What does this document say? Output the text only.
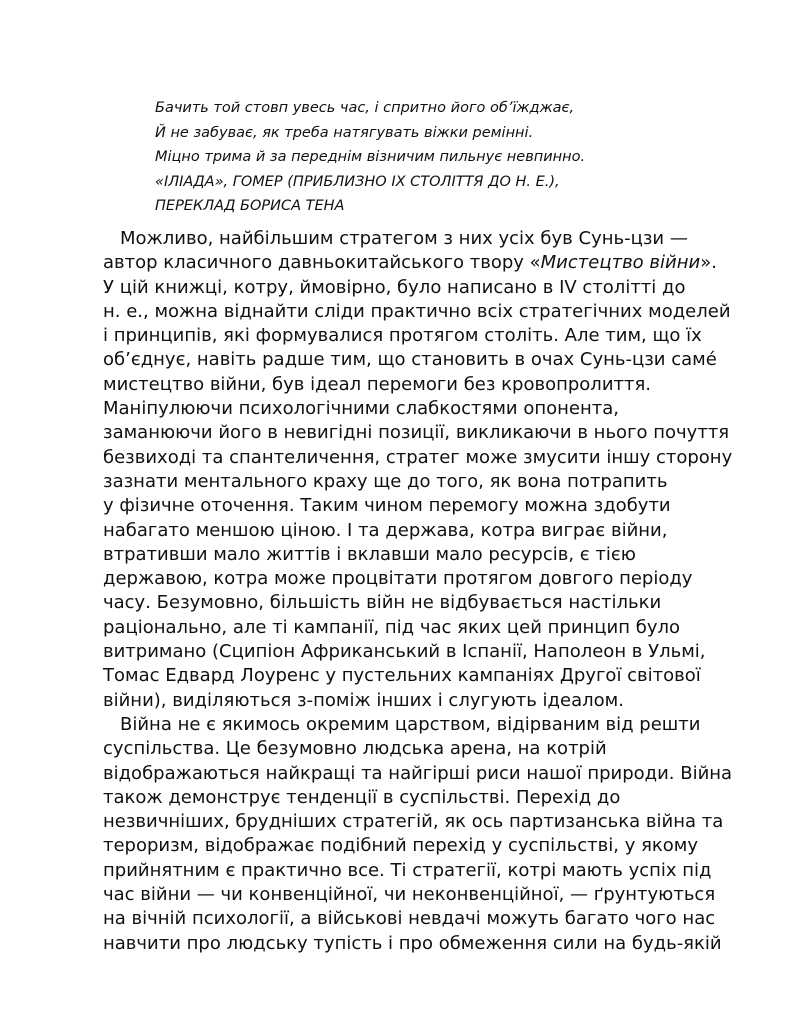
Бачить той стовп увесь час, і спритно його об’їжджає,
Й не забуває, як треба натягувать віжки ремінні.
Міцно трима й за переднім візничим пильнує невпинно.
«ІЛІАДА», ГОМЕР (ПРИБЛИЗНО IX СТОЛІТТЯ ДО Н. Е.),
ПЕРЕКЛАД БОРИСА ТЕНА
Можливо, найбільшим стратегом з них усіх був Сунь-цзи —
автор класичного давньокитайського твору «Мистецтво війни».
У цій книжці, котру, ймовірно, було написано в IV столітті до
н. е., можна віднайти сліди практично всіх стратегічних моделей
і принципів, які формувалися протягом століть. Але тим, що їх
об’єднує, навіть радше тим, що становить в очах Сунь-цзи саме́
мистецтво війни, був ідеал перемоги без кровопролиття.
Маніпулюючи психологічними слабкостями опонента,
заманюючи його в невигідні позиції, викликаючи в нього почуття
безвиході та спантеличення, стратег може змусити іншу сторону
зазнати ментального краху ще до того, як вона потрапить
у фізичне оточення. Таким чином перемогу можна здобути
набагато меншою ціною. І та держава, котра виграє війни,
втративши мало життів і вклавши мало ресурсів, є тією
державою, котра може процвітати протягом довгого періоду
часу. Безумовно, більшість війн не відбувається настільки
раціонально, але ті кампанії, під час яких цей принцип було
витримано (Сципіон Африканський в Іспанії, Наполеон в Ульмі,
Томас Едвард Лоуренс у пустельних кампаніях Другої світової
війни), виділяються з-поміж інших і слугують ідеалом.
Війна не є якимось окремим царством, відірваним від решти
суспільства. Це безумовно людська арена, на котрій
відображаються найкращі та найгірші риси нашої природи. Війна
також демонструє тенденції в суспільстві. Перехід до
незвичніших, брудніших стратегій, як ось партизанська війна та
тероризм, відображає подібний перехід у суспільстві, у якому
прийнятним є практично все. Ті стратегії, котрі мають успіх під
час війни — чи конвенційної, чи неконвенційної, — ґрунтуються
на вічній психології, а військові невдачі можуть багато чого нас
навчити про людську тупість і про обмеження сили на будь-якій
